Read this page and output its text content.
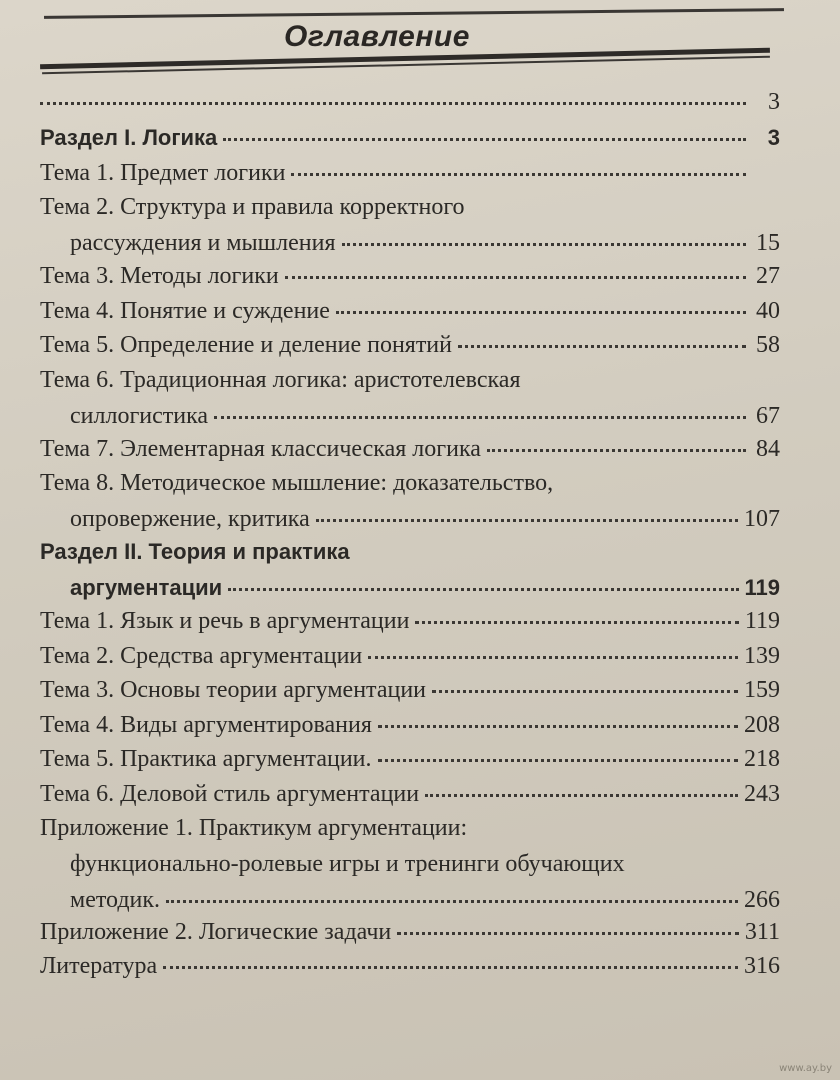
Оглавление
3
Раздел I. Логика	3
Тема 1. Предмет логики
Тема 2. Структура и правила корректного
рассуждения и мышления	15
Тема 3. Методы логики	27
Тема 4. Понятие и суждение	40
Тема 5. Определение и деление понятий	58
Тема 6. Традиционная логика: аристотелевская
силлогистика	67
Тема 7. Элементарная классическая логика	84
Тема 8. Методическое мышление: доказательство,
опровержение, критика	107
Раздел II. Теория и практика
аргументации	119
Тема 1. Язык и речь в аргументации	119
Тема 2. Средства аргументации	139
Тема 3. Основы теории аргументации	159
Тема 4. Виды аргументирования	208
Тема 5. Практика аргументации.	218
Тема 6. Деловой стиль аргументации	243
Приложение 1. Практикум аргументации:
функционально-ролевые игры и тренинги обучающих
методик.	266
Приложение 2. Логические задачи	311
Литература	316
www.ay.by
